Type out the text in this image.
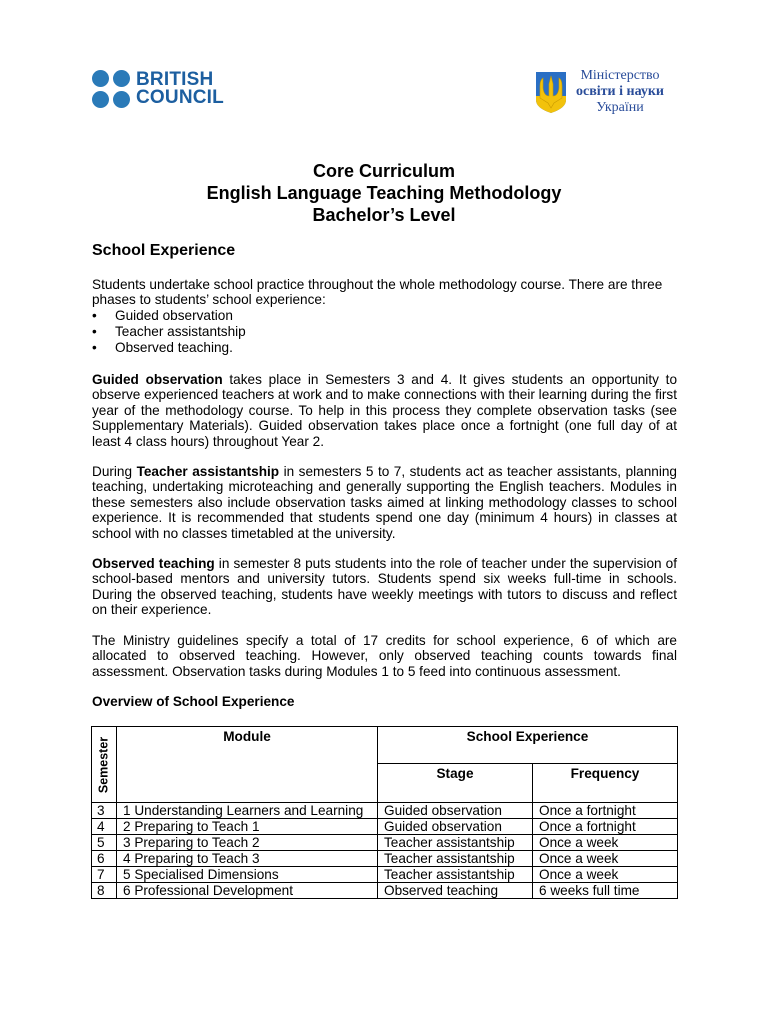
BRITISH
COUNCIL
Міністерство
освіти і науки
України
Core Curriculum
English Language Teaching Methodology
Bachelor’s Level
School Experience
Students undertake school practice throughout the whole methodology course. There are three phases to students’ school experience:
• Guided observation
• Teacher assistantship
• Observed teaching.
Guided observation takes place in Semesters 3 and 4. It gives students an opportunity to observe experienced teachers at work and to make connections with their learning during the first year of the methodology course. To help in this process they complete observation tasks (see Supplementary Materials). Guided observation takes place once a fortnight (one full day of at least 4 class hours) throughout Year 2.
During Teacher assistantship in semesters 5 to 7, students act as teacher assistants, planning teaching, undertaking microteaching and generally supporting the English teachers. Modules in these semesters also include observation tasks aimed at linking methodology classes to school experience. It is recommended that students spend one day (minimum 4 hours) in classes at school with no classes timetabled at the university.
Observed teaching in semester 8 puts students into the role of teacher under the supervision of school-based mentors and university tutors. Students spend six weeks full-time in schools. During the observed teaching, students have weekly meetings with tutors to discuss and reflect on their experience.
The Ministry guidelines specify a total of 17 credits for school experience, 6 of which are allocated to observed teaching. However, only observed teaching counts towards final assessment. Observation tasks during Modules 1 to 5 feed into continuous assessment.
Overview of School Experience
Semester	Module	School Experience	
		Stage	Frequency
3	1 Understanding Learners and Learning	Guided observation	Once a fortnight
4	2 Preparing to Teach 1	Guided observation	Once a fortnight
5	3 Preparing to Teach 2	Teacher assistantship	Once a week
6	4 Preparing to Teach 3	Teacher assistantship	Once a week
7	5 Specialised Dimensions	Teacher assistantship	Once a week
8	6 Professional Development	Observed teaching	6 weeks full time
